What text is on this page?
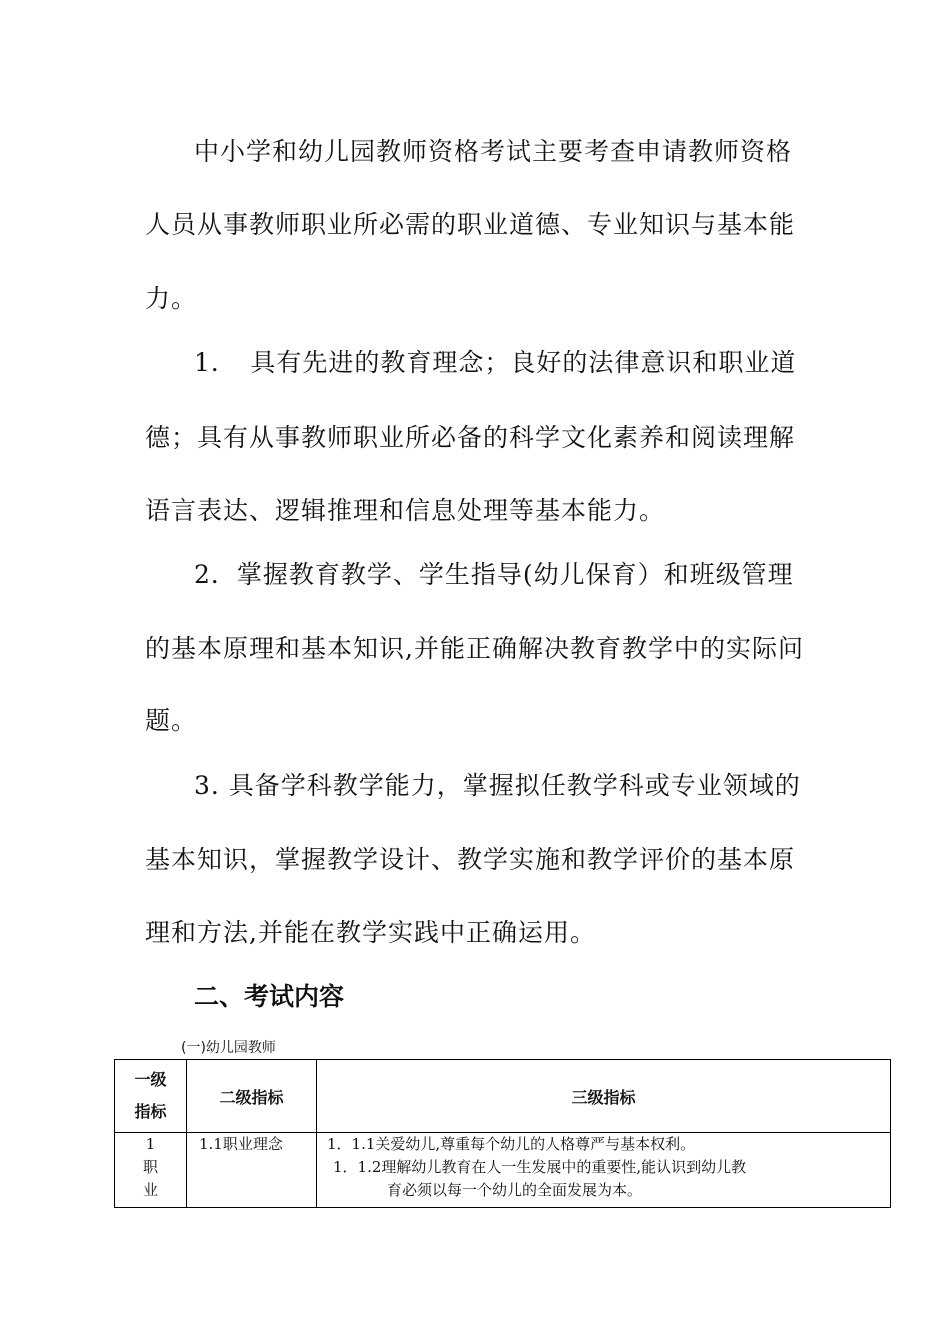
中小学和幼儿园教师资格考试主要考查申请教师资格
人员从事教师职业所必需的职业道德、专业知识与基本能
力。
1．　具有先进的教育理念；良好的法律意识和职业道
德；具有从事教师职业所必备的科学文化素养和阅读理解
语言表达、逻辑推理和信息处理等基本能力。
2．掌握教育教学、学生指导(幼儿保育）和班级管理
的基本原理和基本知识,并能正确解决教育教学中的实际问
题。
3. 具备学科教学能力，掌握拟任教学科或专业领域的
基本知识，掌握教学设计、教学实施和教学评价的基本原
理和方法,并能在教学实践中正确运用。
二、考试内容
(一)幼儿园教师
一级
指标	二级指标	三级指标

1
职
业	1.1职业理念	1．1.1关爱幼儿,尊重每个幼儿的人格尊严与基本权利。
1．1.2理解幼儿教育在人一生发展中的重要性,能认识到幼儿教
育必须以每一个幼儿的全面发展为本。
